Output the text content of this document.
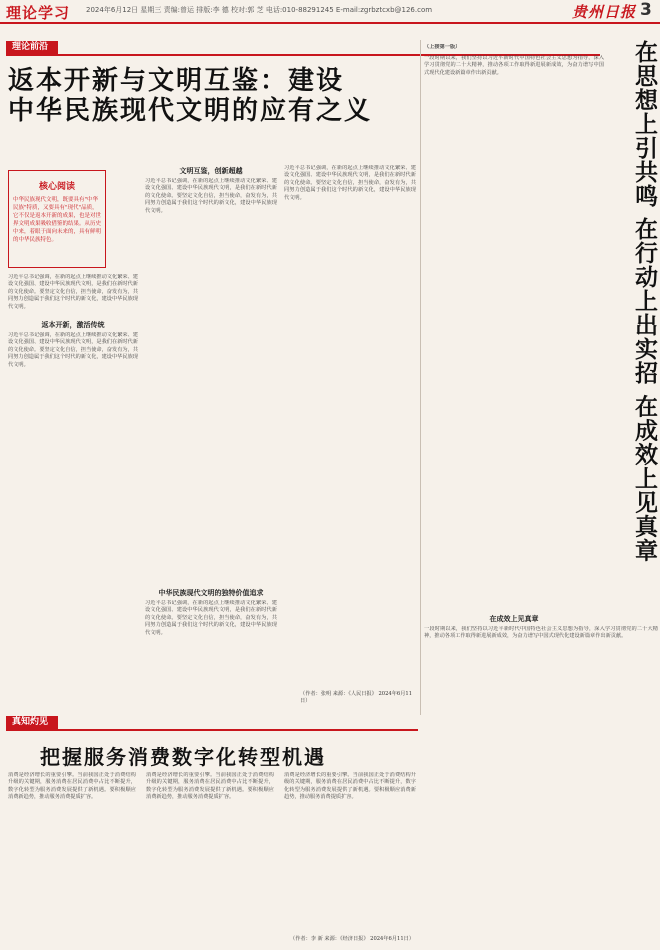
理论学习 2024年6月12日 星期三 责编:曾运 排版:李 德 校对:郭 芝 电话:010-88291245 E-mail:zgrbztcxb@126.com	贵州日报 3
理论前沿
返本开新与文明互鉴：建设
中华民族现代文明的应有之义
核心阅读
中华民族现代文明，既要具有"中华民族"特质，又要具有"现代"品质，它不仅是返本开新的成果，也是对世界文明成果吸收借鉴的结果。从历史中来，着眼于面向未来的，具有鲜明的中华民族特色。
习近平总书记强调，在新的起点上继续推动文化繁荣、建设文化强国、建设中华民族现代文明，是我们在新时代新的文化使命。要坚定文化自信，担当使命，奋发有为，共同努力创造属于我们这个时代的新文化，建设中华民族现代文明。
返本开新，激活传统
习近平总书记强调，在新的起点上继续推动文化繁荣、建设文化强国、建设中华民族现代文明，是我们在新时代新的文化使命。要坚定文化自信，担当使命，奋发有为，共同努力创造属于我们这个时代的新文化，建设中华民族现代文明。
文明互鉴，创新超越
习近平总书记强调，在新的起点上继续推动文化繁荣、建设文化强国、建设中华民族现代文明，是我们在新时代新的文化使命。要坚定文化自信，担当使命，奋发有为，共同努力创造属于我们这个时代的新文化，建设中华民族现代文明。
中华民族现代文明的独特价值追求
习近平总书记强调，在新的起点上继续推动文化繁荣、建设文化强国、建设中华民族现代文明，是我们在新时代新的文化使命。要坚定文化自信，担当使命，奋发有为，共同努力创造属于我们这个时代的新文化，建设中华民族现代文明。
习近平总书记强调，在新的起点上继续推动文化繁荣、建设文化强国、建设中华民族现代文明，是我们在新时代新的文化使命。要坚定文化自信，担当使命，奋发有为，共同努力创造属于我们这个时代的新文化，建设中华民族现代文明。
（作者：张明 来源：《人民日报》 2024年6月11日）
（上接第一版）
一段时期以来，我们坚持以习近平新时代中国特色社会主义思想为指导，深入学习贯彻党的二十大精神，推动各项工作取得新进展新成效，为奋力谱写中国式现代化建设新篇章作出新贡献。	在思想上引共鸣 在行动上出实招 在成效上见真章
在成效上见真章
一段时期以来，我们坚持以习近平新时代中国特色社会主义思想为指导，深入学习贯彻党的二十大精神，推动各项工作取得新进展新成效，为奋力谱写中国式现代化建设新篇章作出新贡献。
真知灼见
把握服务消费数字化转型机遇
消费是经济增长的重要引擎。当前我国正处于消费结构升级的关键期，服务消费在居民消费中占比不断提升，数字化转型为服务消费发展提供了新机遇。要积极顺应消费新趋势，推动服务消费提质扩容。
消费是经济增长的重要引擎。当前我国正处于消费结构升级的关键期，服务消费在居民消费中占比不断提升，数字化转型为服务消费发展提供了新机遇。要积极顺应消费新趋势，推动服务消费提质扩容。
消费是经济增长的重要引擎。当前我国正处于消费结构升级的关键期，服务消费在居民消费中占比不断提升，数字化转型为服务消费发展提供了新机遇。要积极顺应消费新趋势，推动服务消费提质扩容。
（作者：李 新 来源：《经济日报》 2024年6月11日）
